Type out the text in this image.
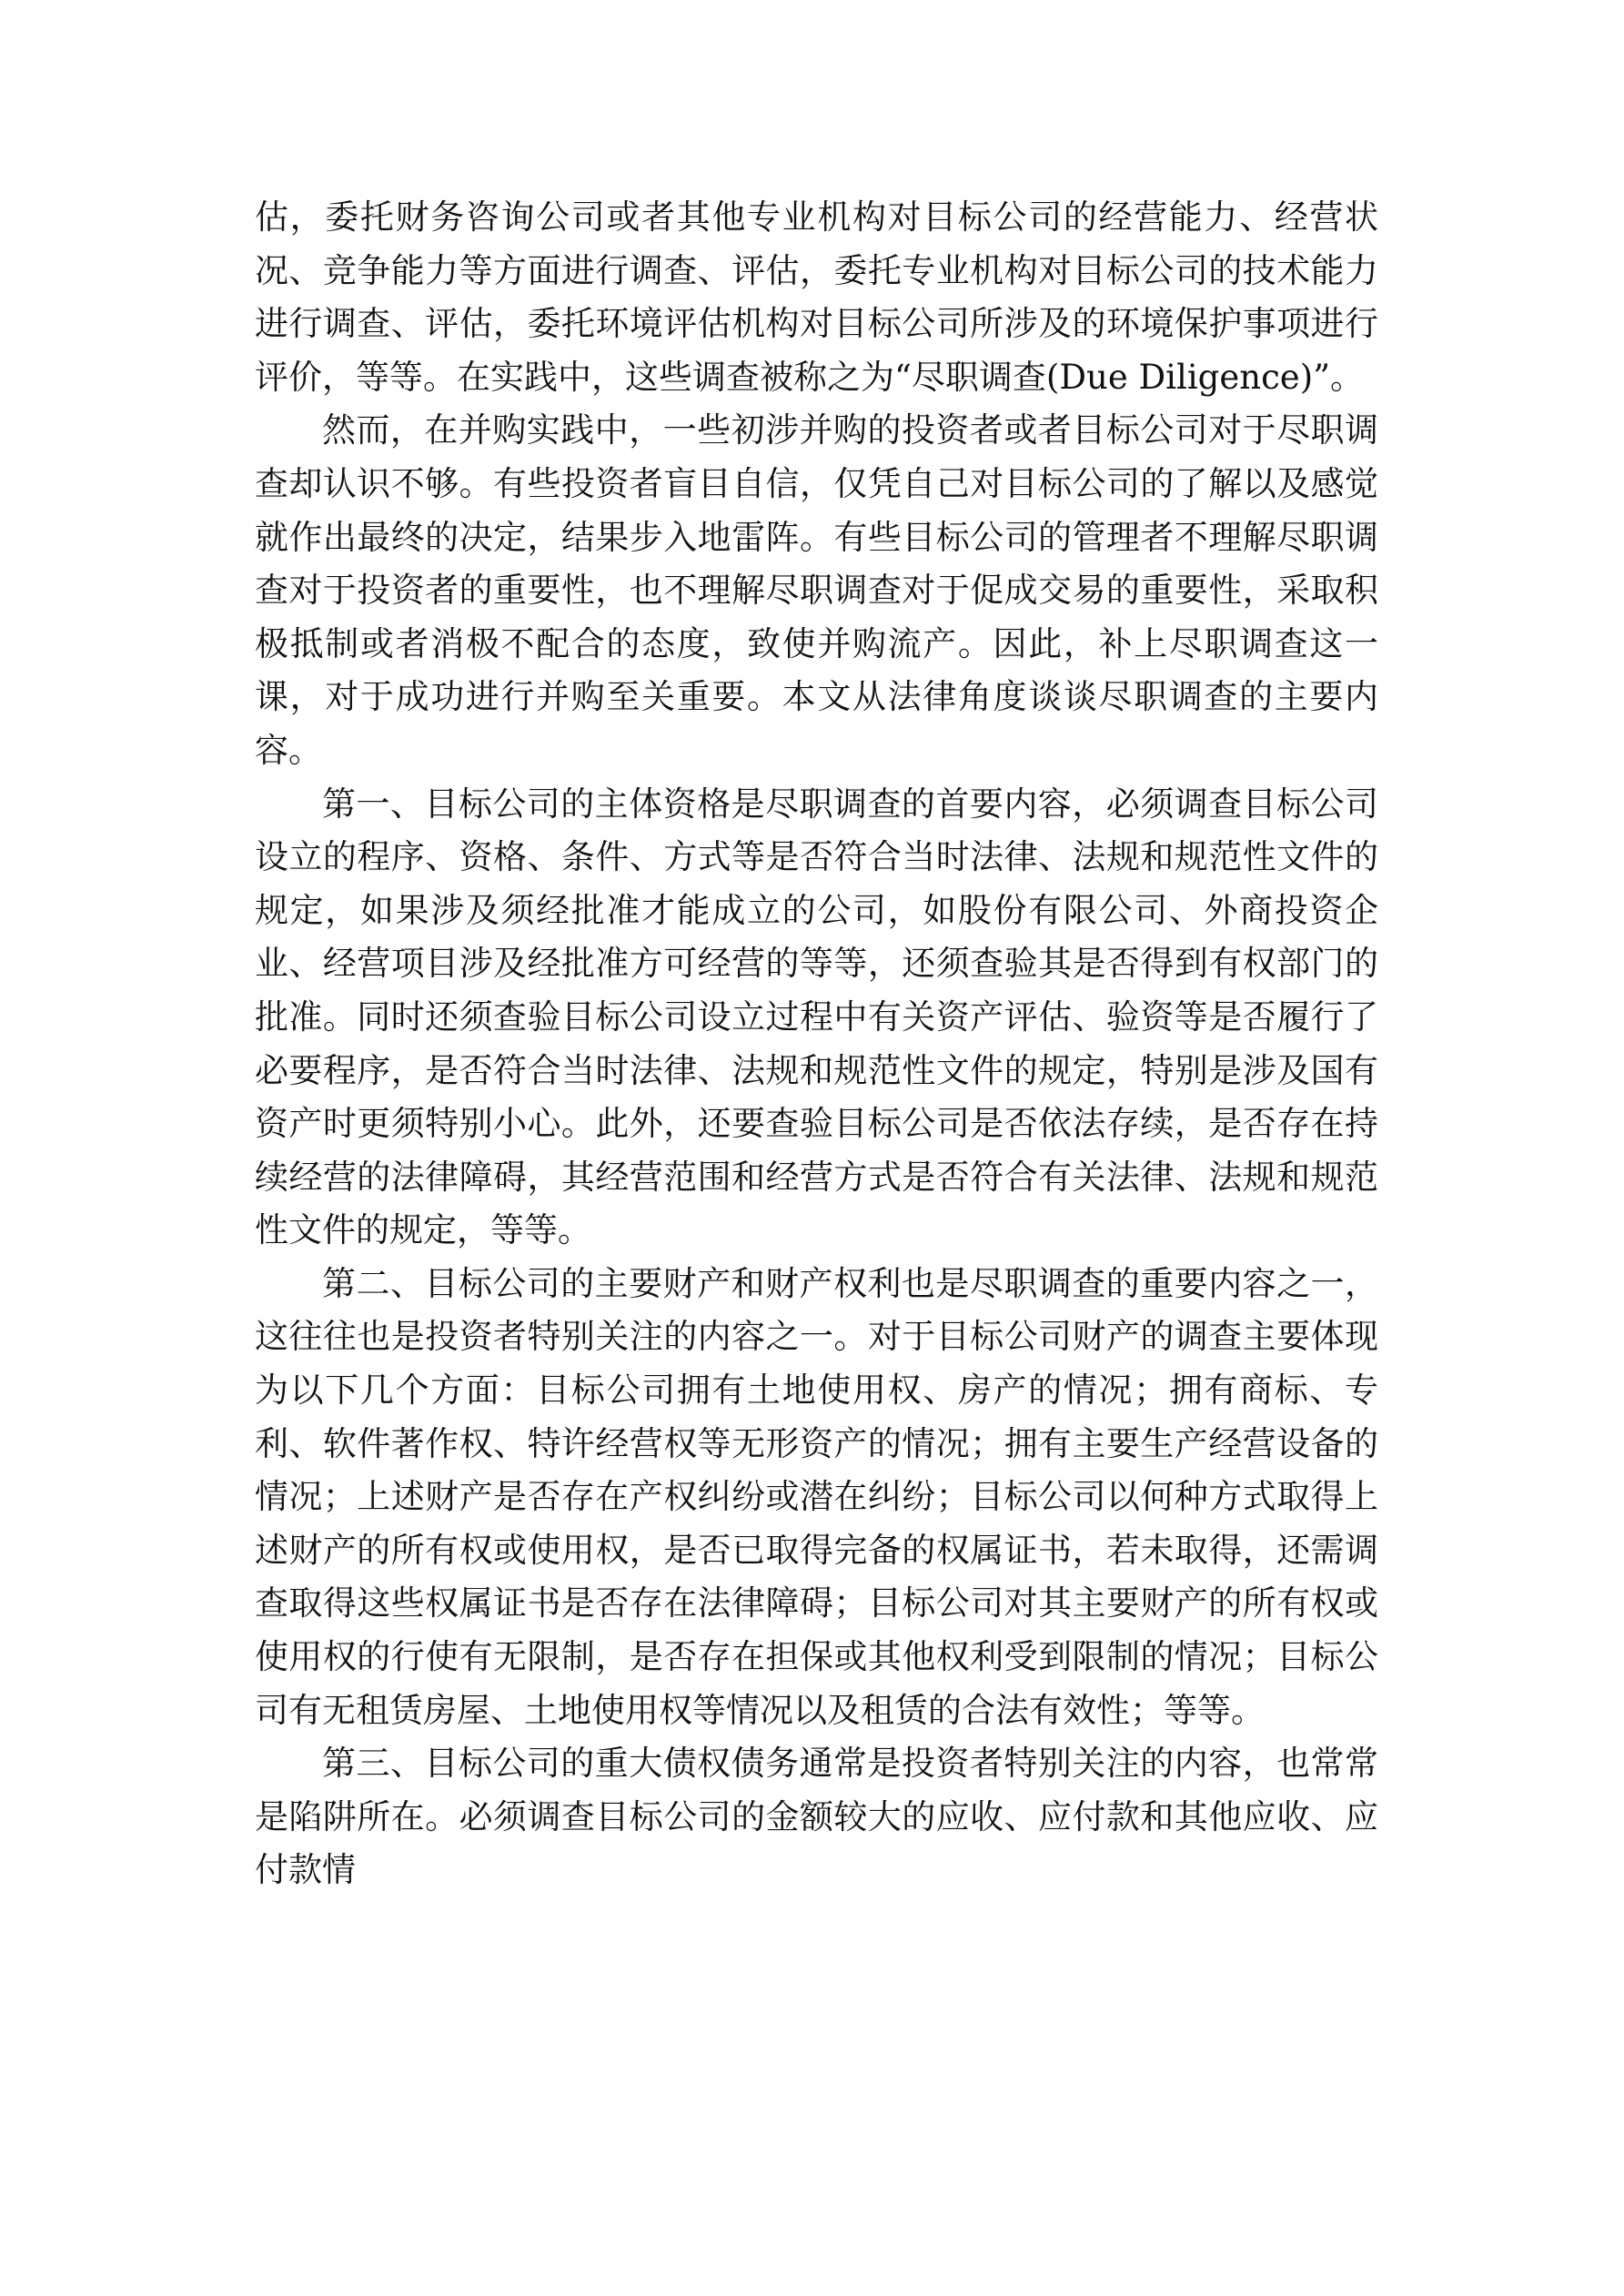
估，委托财务咨询公司或者其他专业机构对目标公司的经营能力、经营状况、竞争能力等方面进行调查、评估，委托专业机构对目标公司的技术能力进行调查、评估，委托环境评估机构对目标公司所涉及的环境保护事项进行评价，等等。在实践中，这些调查被称之为“尽职调查(Due Diligence)”。

然而，在并购实践中，一些初涉并购的投资者或者目标公司对于尽职调查却认识不够。有些投资者盲目自信，仅凭自己对目标公司的了解以及感觉就作出最终的决定，结果步入地雷阵。有些目标公司的管理者不理解尽职调查对于投资者的重要性，也不理解尽职调查对于促成交易的重要性，采取积极抵制或者消极不配合的态度，致使并购流产。因此，补上尽职调查这一课，对于成功进行并购至关重要。本文从法律角度谈谈尽职调查的主要内容。

第一、目标公司的主体资格是尽职调查的首要内容，必须调查目标公司设立的程序、资格、条件、方式等是否符合当时法律、法规和规范性文件的规定，如果涉及须经批准才能成立的公司，如股份有限公司、外商投资企业、经营项目涉及经批准方可经营的等等，还须查验其是否得到有权部门的批准。同时还须查验目标公司设立过程中有关资产评估、验资等是否履行了必要程序，是否符合当时法律、法规和规范性文件的规定，特别是涉及国有资产时更须特别小心。此外，还要查验目标公司是否依法存续，是否存在持续经营的法律障碍，其经营范围和经营方式是否符合有关法律、法规和规范性文件的规定，等等。

第二、目标公司的主要财产和财产权利也是尽职调查的重要内容之一，这往往也是投资者特别关注的内容之一。对于目标公司财产的调查主要体现为以下几个方面：目标公司拥有土地使用权、房产的情况；拥有商标、专利、软件著作权、特许经营权等无形资产的情况；拥有主要生产经营设备的情况；上述财产是否存在产权纠纷或潜在纠纷；目标公司以何种方式取得上述财产的所有权或使用权，是否已取得完备的权属证书，若未取得，还需调查取得这些权属证书是否存在法律障碍；目标公司对其主要财产的所有权或使用权的行使有无限制，是否存在担保或其他权利受到限制的情况；目标公司有无租赁房屋、土地使用权等情况以及租赁的合法有效性；等等。

第三、目标公司的重大债权债务通常是投资者特别关注的内容，也常常是陷阱所在。必须调查目标公司的金额较大的应收、应付款和其他应收、应付款情
